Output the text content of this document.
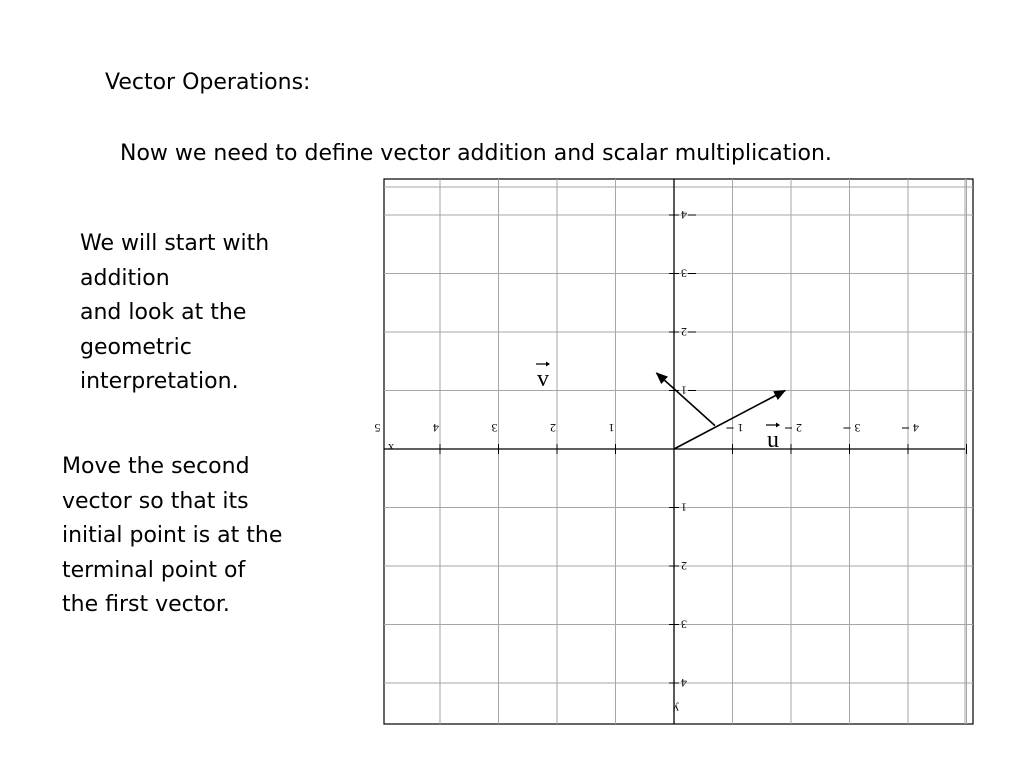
Vector Operations:
Now we need to define vector addition and scalar multiplication.
We will start with
addition
and look at the
geometric
interpretation.
Move the second
vector so that its
initial point is at the
terminal point of
the first vector.
5	4	3	2	1	1	2	3	4
4
3
2
1
1
2
3
4
x
y
u
v
